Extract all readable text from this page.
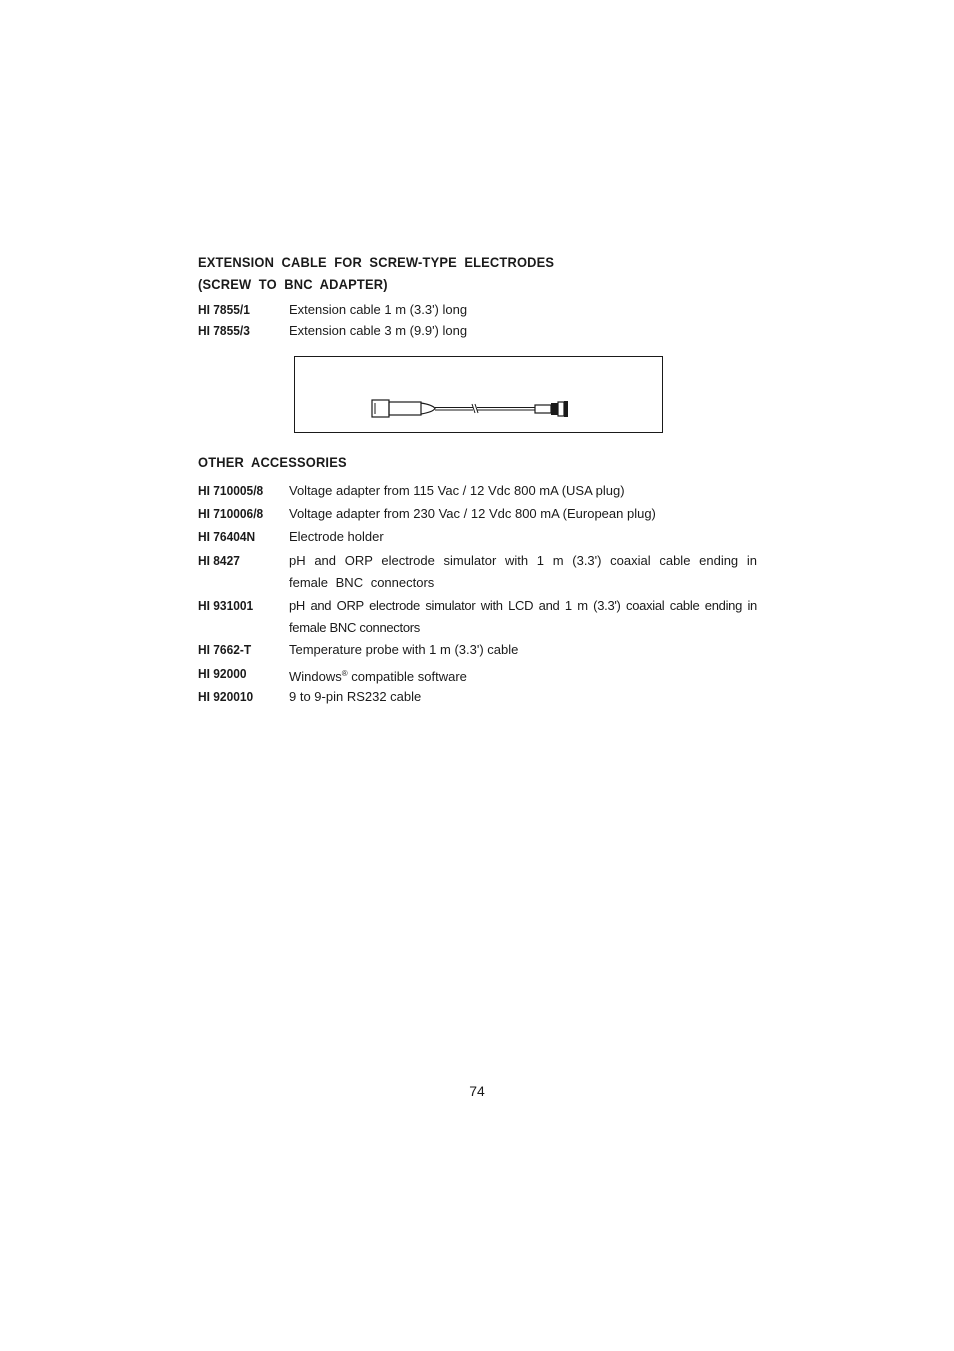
EXTENSION CABLE FOR SCREW-TYPE ELECTRODES
(SCREW TO BNC ADAPTER)
HI 7855/1	Extension cable 1 m (3.3') long
HI 7855/3	Extension cable 3 m (9.9') long
OTHER ACCESSORIES
HI 710005/8 Voltage adapter from 115 Vac / 12 Vdc 800 mA (USA plug)
HI 710006/8 Voltage adapter from 230 Vac / 12 Vdc 800 mA (European plug)
HI 76404N	Electrode holder
HI 8427	pH and ORP electrode simulator with 1 m (3.3') coaxial cable ending in female BNC connectors
HI 931001	pH and ORP electrode simulator with LCD and 1 m (3.3') coaxial cable ending in female BNC connectors
HI 7662-T	Temperature probe with 1 m (3.3') cable
HI 92000	Windows® compatible software
HI 920010	9 to 9-pin RS232 cable
74
